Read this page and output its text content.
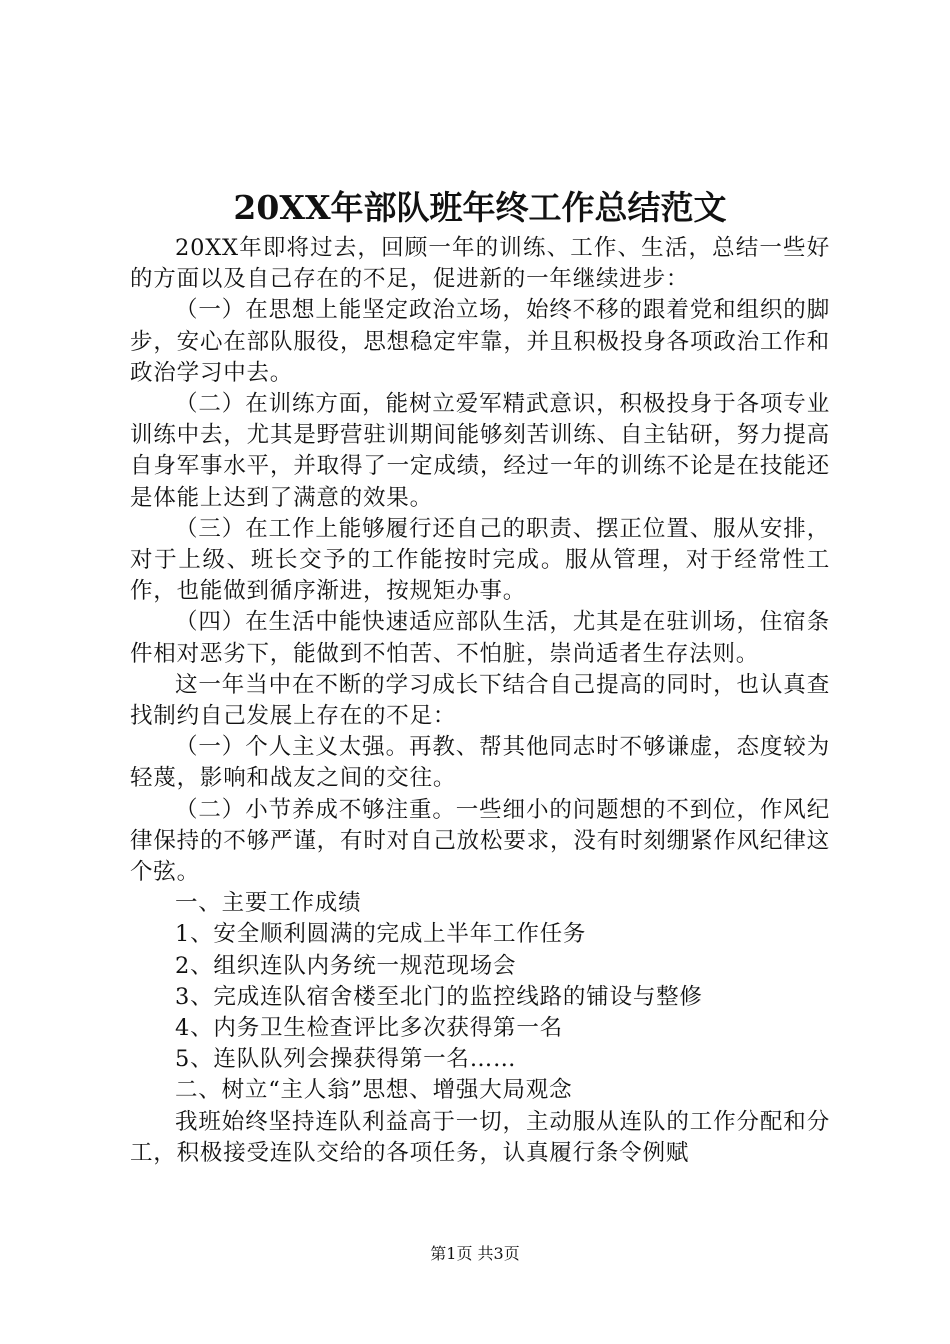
20XX年部队班年终工作总结范文

20XX年即将过去，回顾一年的训练、工作、生活，总结一些好的方面以及自己存在的不足，促进新的一年继续进步：

（一）在思想上能坚定政治立场，始终不移的跟着党和组织的脚步，安心在部队服役，思想稳定牢靠，并且积极投身各项政治工作和政治学习中去。

（二）在训练方面，能树立爱军精武意识，积极投身于各项专业训练中去，尤其是野营驻训期间能够刻苦训练、自主钻研，努力提高自身军事水平，并取得了一定成绩，经过一年的训练不论是在技能还是体能上达到了满意的效果。

（三）在工作上能够履行还自己的职责、摆正位置、服从安排，对于上级、班长交予的工作能按时完成。服从管理，对于经常性工作，也能做到循序渐进，按规矩办事。

（四）在生活中能快速适应部队生活，尤其是在驻训场，住宿条件相对恶劣下，能做到不怕苦、不怕脏，崇尚适者生存法则。

这一年当中在不断的学习成长下结合自己提高的同时，也认真查找制约自己发展上存在的不足：

（一）个人主义太强。再教、帮其他同志时不够谦虚，态度较为轻蔑，影响和战友之间的交往。

（二）小节养成不够注重。一些细小的问题想的不到位，作风纪律保持的不够严谨，有时对自己放松要求，没有时刻绷紧作风纪律这个弦。

一、主要工作成绩

1、安全顺利圆满的完成上半年工作任务

2、组织连队内务统一规范现场会

3、完成连队宿舍楼至北门的监控线路的铺设与整修

4、内务卫生检查评比多次获得第一名

5、连队队列会操获得第一名……

二、树立“主人翁”思想、增强大局观念

我班始终坚持连队利益高于一切，主动服从连队的工作分配和分工，积极接受连队交给的各项任务，认真履行条令例赋

第1页 共3页
